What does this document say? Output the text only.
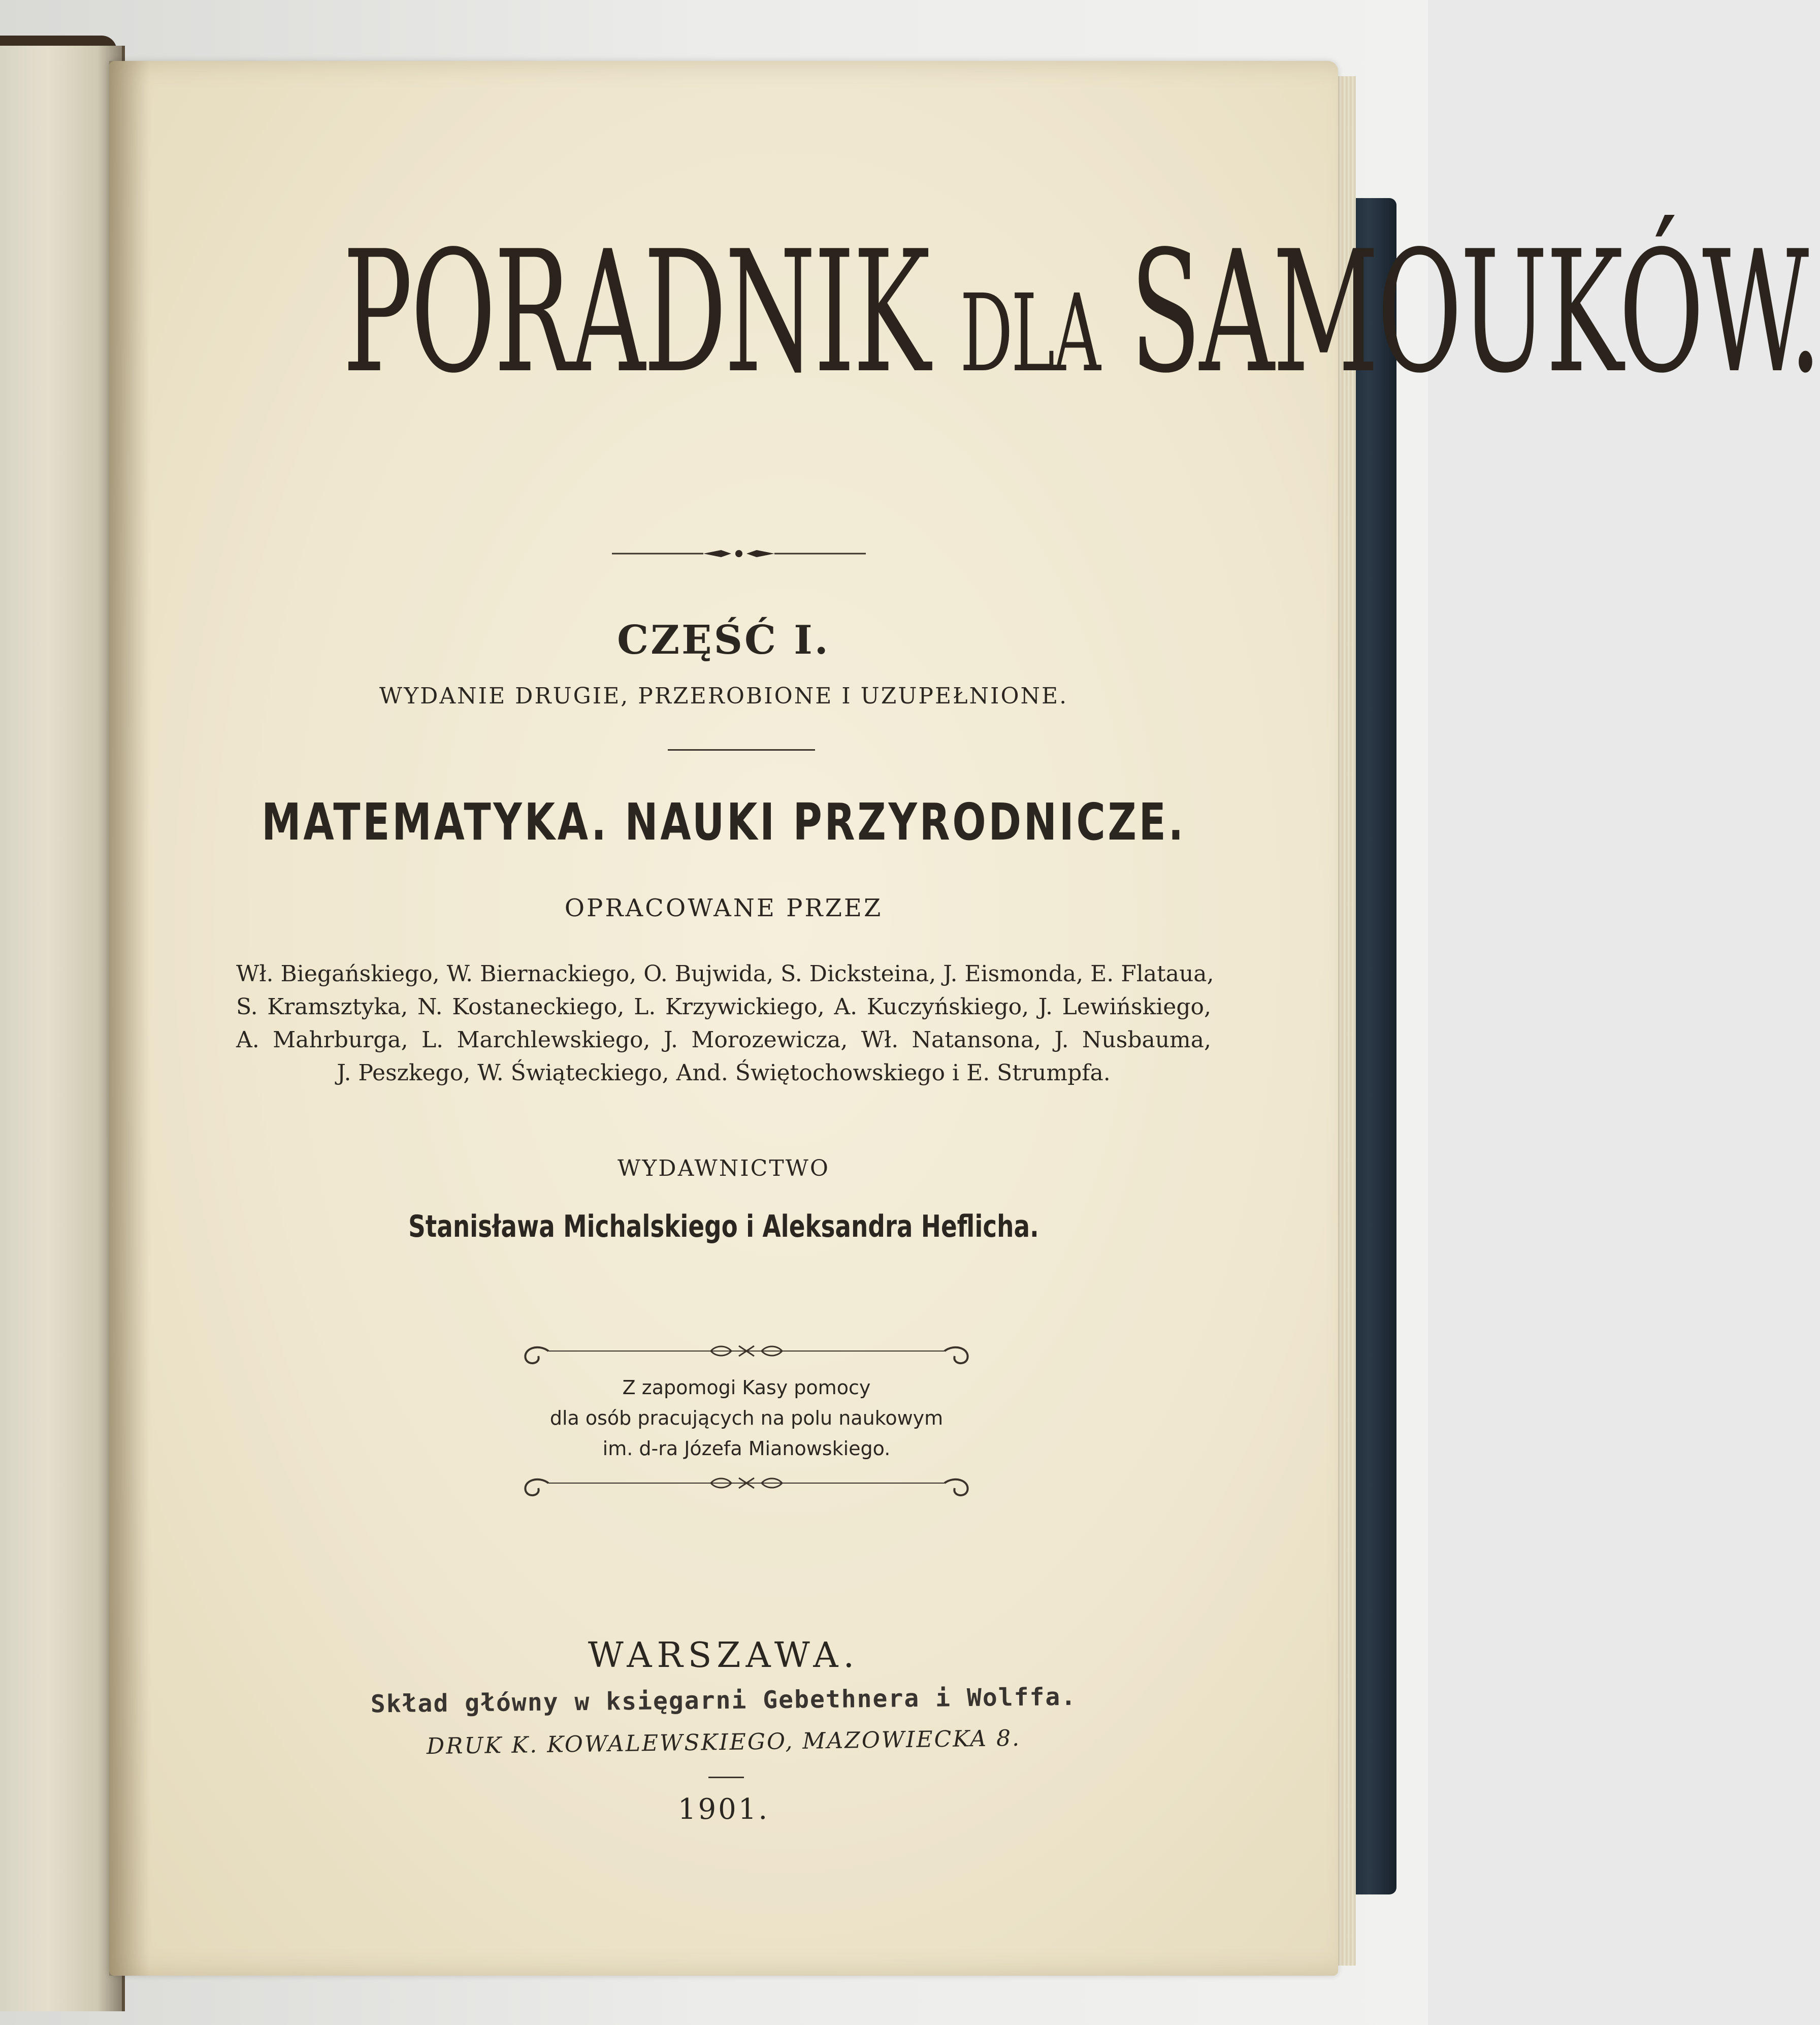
PORADNIK DLA SAMOUKÓW.
CZĘŚĆ I.
WYDANIE DRUGIE, PRZEROBIONE I UZUPEŁNIONE.
MATEMATYKA. NAUKI PRZYRODNICZE.
OPRACOWANE PRZEZ
Wł. Biegańskiego, W. Biernackiego, O. Bujwida, S. Dicksteina, J. Eismonda, E. Flataua,
S. Kramsztyka, N. Kostaneckiego, L. Krzywickiego, A. Kuczyńskiego, J. Lewińskiego,
A. Mahrburga, L. Marchlewskiego, J. Morozewicza, Wł. Natansona, J. Nusbauma,
J. Peszkego, W. Świąteckiego, And. Świętochowskiego i E. Strumpfa.
WYDAWNICTWO
Stanisława Michalskiego i Aleksandra Heflicha.
Z zapomogi Kasy pomocy
dla osób pracujących na polu naukowym
im. d-ra Józefa Mianowskiego.
WARSZAWA.
Skład główny w księgarni Gebethnera i Wolffa.
DRUK K. KOWALEWSKIEGO, MAZOWIECKA 8.
1901.
